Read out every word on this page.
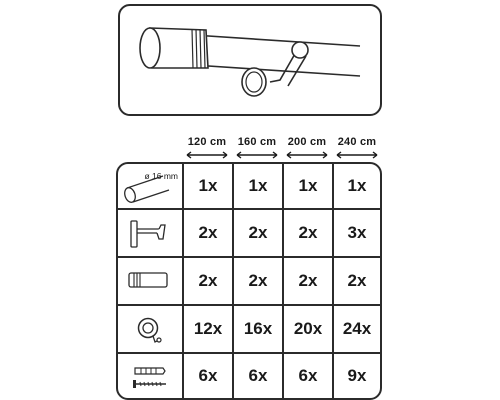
120 cm	160 cm	200 cm	240 cm
ø 16 mm 1x 1x 1x 1x
2x 2x 2x 3x
2x 2x 2x 2x
12x 16x 20x 24x
6x 6x 6x 9x
